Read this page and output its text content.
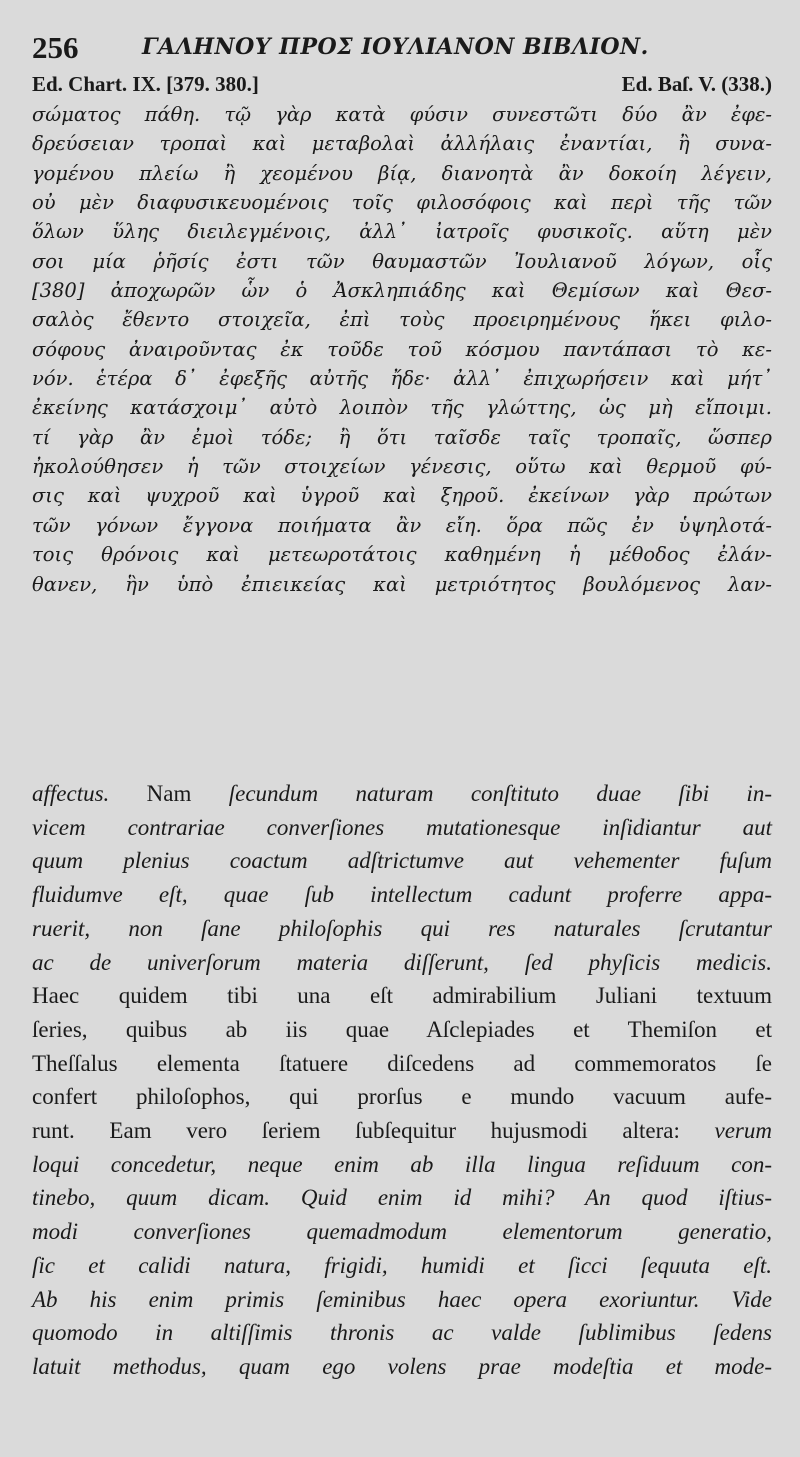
256	ΓΑΛΗΝΟΥ ΠΡΟΣ ΙΟΥΛΙΑΝΟΝ ΒΙΒΛΙΟΝ.
Ed. Chart. IX. [379. 380.]	Ed. Baſ. V. (338.)
σώματος πάθη. τῷ γὰρ κατὰ φύσιν συνεστῶτι δύο ἂν ἐφε-
δρεύσειαν τροπαὶ καὶ μεταβολαὶ ἀλλήλαις ἐναντίαι, ἢ συνα-
γομένου πλείω ἢ χεομένου βίᾳ, διανοητὰ ἂν δοκοίη λέγειν,
οὐ μὲν διαφυσικευομένοις τοῖς φιλοσόφοις καὶ περὶ τῆς τῶν
ὅλων ὕλης διειλεγμένοις, ἀλλ᾽ ἰατροῖς φυσικοῖς. αὕτη μὲν
σοι μία ῥῆσίς ἐστι τῶν θαυμαστῶν Ἰουλιανοῦ λόγων, οἷς
[380] ἀποχωρῶν ὧν ὁ Ἀσκληπιάδης καὶ Θεμίσων καὶ Θεσ-
σαλὸς ἔθεντο στοιχεῖα, ἐπὶ τοὺς προειρημένους ἥκει φιλο-
σόφους ἀναιροῦντας ἐκ τοῦδε τοῦ κόσμου παντάπασι τὸ κε-
νόν. ἑτέρα δ᾽ ἐφεξῆς αὐτῆς ἤδε· ἀλλ᾽ ἐπιχωρήσειν καὶ μήτ᾽
ἐκείνης κατάσχοιμ᾽ αὐτὸ λοιπὸν τῆς γλώττης, ὡς μὴ εἴποιμι.
τί γὰρ ἂν ἐμοὶ τόδε; ἢ ὅτι ταῖσδε ταῖς τροπαῖς, ὥσπερ
ἠκολούθησεν ἡ τῶν στοιχείων γένεσις, οὕτω καὶ θερμοῦ φύ-
σις καὶ ψυχροῦ καὶ ὑγροῦ καὶ ξηροῦ. ἐκείνων γὰρ πρώτων
τῶν γόνων ἔγγονα ποιήματα ἂν εἴη. ὅρα πῶς ἐν ὑψηλοτά-
τοις θρόνοις καὶ μετεωροτάτοις καθημένη ἡ μέθοδος ἐλάν-
θανεν, ἣν ὑπὸ ἐπιεικείας καὶ μετριότητος βουλόμενος λαν-
affectus. Nam ſecundum naturam conſtituto duae ſibi in-
vicem contrariae converſiones mutationesque inſidiantur aut
quum plenius coactum adſtrictumve aut vehementer fuſum
fluidumve eſt, quae ſub intellectum cadunt proferre appa-
ruerit, non ſane philoſophis qui res naturales ſcrutantur
ac de univerſorum materia diſſerunt, ſed phyſicis medicis.
Haec quidem tibi una eſt admirabilium Juliani textuum
ſeries, quibus ab iis quae Aſclepiades et Themiſon et
Theſſalus elementa ſtatuere diſcedens ad commemoratos ſe
confert philoſophos, qui prorſus e mundo vacuum aufe-
runt. Eam vero ſeriem ſubſequitur hujusmodi altera: verum
loqui concedetur, neque enim ab illa lingua reſiduum con-
tinebo, quum dicam. Quid enim id mihi? An quod iſtius-
modi converſiones quemadmodum elementorum generatio,
ſic et calidi natura, frigidi, humidi et ſicci ſequuta eſt.
Ab his enim primis ſeminibus haec opera exoriuntur. Vide
quomodo in altiſſimis thronis ac valde ſublimibus ſedens
latuit methodus, quam ego volens prae modeſtia et mode-
